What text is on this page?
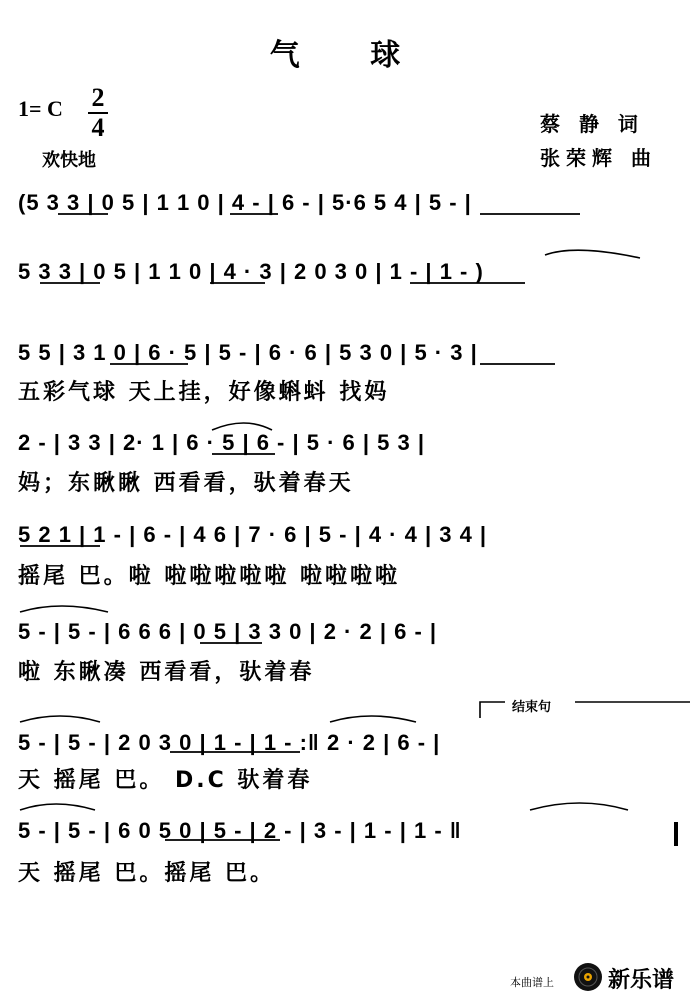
气 球
1= C 2
4
欢快地
蔡 静 词
张荣辉 曲
(5 3 3 | 0 5 | 1 1 0 | 4 - | 6 - | 5·6 5 4 | 5 - |
5 3 3 | 0 5 | 1 1 0 | 4 · 3 | 2 0 3 0 | 1 - | 1 - )
5 5 | 3 1 0 | 6 · 5 | 5 - | 6 · 6 | 5 3 0 | 5 · 3 |
五彩气球 天上挂，好像蝌蚪 找妈
2 - | 3 3 | 2· 1 | 6 · 5 | 6 - | 5 · 6 | 5 3 |
妈；东瞅瞅 西看看，驮着春天
5 2 1 | 1 - | 6 - | 4 6 | 7 · 6 | 5 - | 4 · 4 | 3 4 |
摇尾 巴。啦 啦啦啦啦啦 啦啦啦啦
5 - | 5 - | 6 6 6 | 0 5 | 3 3 0 | 2 · 2 | 6 - |
啦 东瞅凑 西看看，驮着春
结束句
5 - | 5 - | 2 0 3 0 | 1 - | 1 - :‖ 2 · 2 | 6 - |
天 摇尾 巴。 D.C 驮着春
5 - | 5 - | 6 0 5 0 | 5 - | 2 - | 3 - | 1 - | 1 - ‖
天 摇尾 巴。摇尾 巴。
本曲谱上 新乐谱
